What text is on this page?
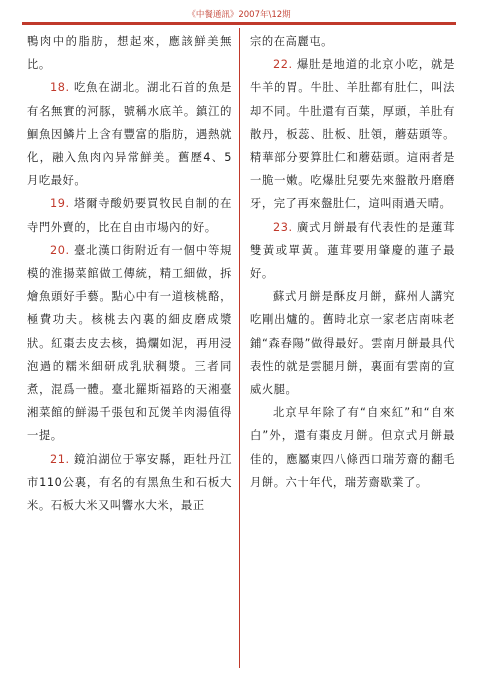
《中餐通訊》2007年\12期

鴨肉中的脂肪，想起來，應該鮮美無比。

18. 吃魚在湖北。湖北石首的魚是有名無實的河豚，號稱水底羊。鎮江的鮰魚因鱗片上含有豐富的脂肪，遇熱就化，融入魚肉內异常鮮美。舊歷4、5月吃最好。

19. 塔爾寺酸奶要買牧民自制的在寺門外賣的，比在自由市場內的好。

20. 臺北漢口街附近有一個中等規模的淮揚菜館做工傳統，精工細做，拆燴魚頭好手藝。點心中有一道核桃酪，極費功夫。核桃去內裏的細皮磨成漿狀。紅棗去皮去核，搗爛如泥，再用浸泡過的糯米細研成乳狀稠漿。三者同煮，混爲一體。臺北羅斯福路的天湘臺湘菜館的鮮湯千張包和瓦煲羊肉湯值得一提。

21. 鏡泊湖位于寧安縣，距牡丹江市110公裏，有名的有黑魚生和石板大米。石板大米又叫響水大米，最正

宗的在高麗屯。

22. 爆肚是地道的北京小吃，就是牛羊的胃。牛肚、羊肚都有肚仁，叫法却不同。牛肚還有百葉，厚頭，羊肚有散丹，板蕊、肚板、肚領，蘑菇頭等。精華部分要算肚仁和蘑菇頭。這兩者是一脆一嫩。吃爆肚兒要先來盤散丹磨磨牙，完了再來盤肚仁，這叫雨過天晴。

23. 廣式月餅最有代表性的是蓮茸雙黃或單黃。蓮茸要用肇慶的蓮子最好。

蘇式月餅是酥皮月餅，蘇州人講究吃剛出爐的。舊時北京一家老店南味老鋪“森春陽”做得最好。雲南月餅最具代表性的就是雲腿月餅，裏面有雲南的宣威火腿。

北京早年除了有“自來紅”和“自來白”外，還有棗皮月餅。但京式月餅最佳的，應屬東四八條西口瑞芳齋的翻毛月餅。六十年代，瑞芳齋歇業了。
